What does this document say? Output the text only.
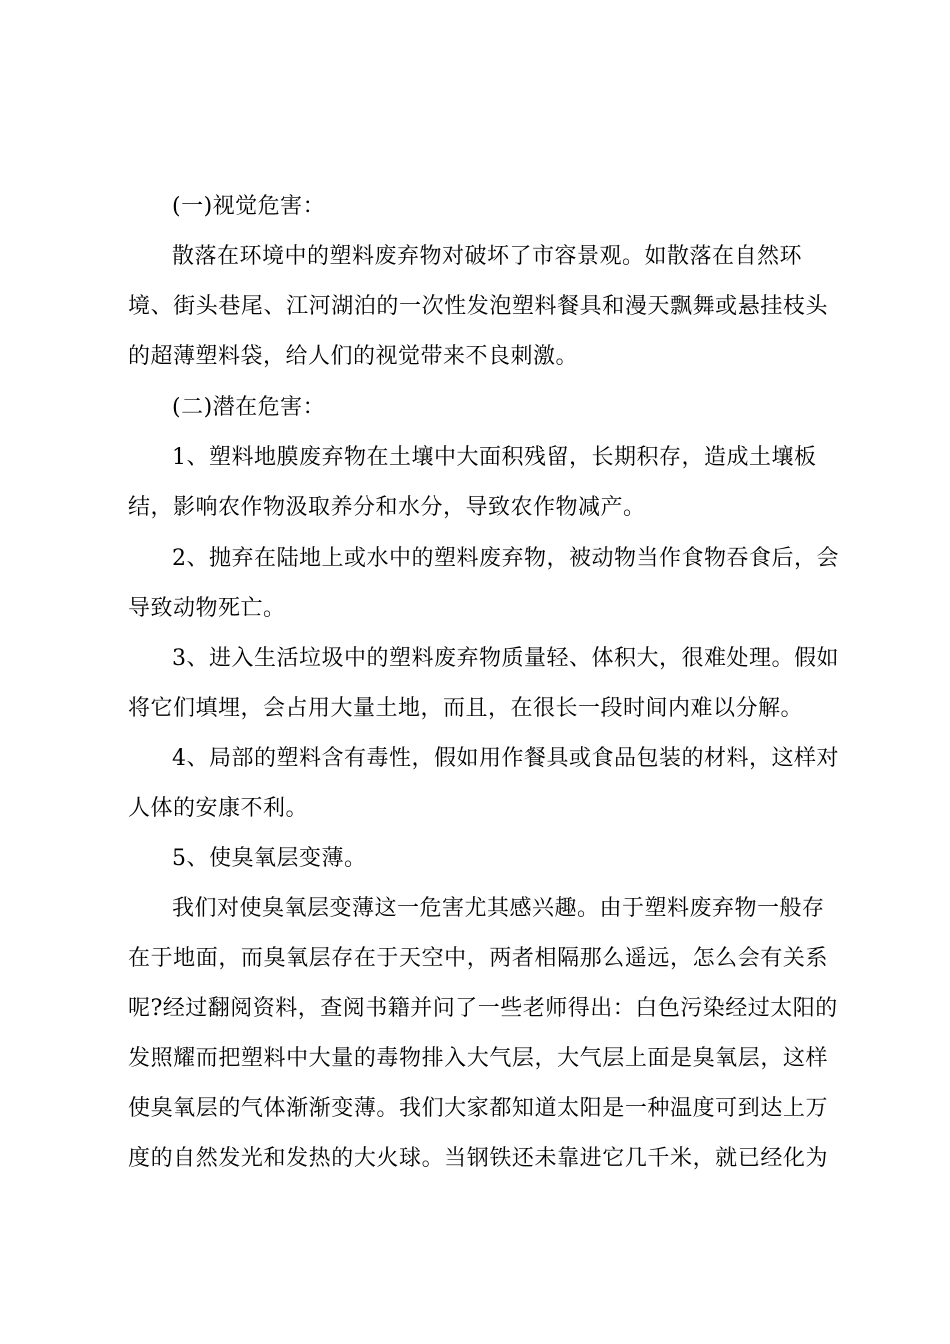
(一)视觉危害：
散落在环境中的塑料废弃物对破坏了市容景观。如散落在自然环
境、街头巷尾、江河湖泊的一次性发泡塑料餐具和漫天飘舞或悬挂枝头
的超薄塑料袋，给人们的视觉带来不良刺激。
(二)潜在危害：
1、塑料地膜废弃物在土壤中大面积残留，长期积存，造成土壤板
结，影响农作物汲取养分和水分，导致农作物减产。
2、抛弃在陆地上或水中的塑料废弃物，被动物当作食物吞食后，会
导致动物死亡。
3、进入生活垃圾中的塑料废弃物质量轻、体积大，很难处理。假如
将它们填埋，会占用大量土地，而且，在很长一段时间内难以分解。
4、局部的塑料含有毒性，假如用作餐具或食品包装的材料，这样对
人体的安康不利。
5、使臭氧层变薄。
我们对使臭氧层变薄这一危害尤其感兴趣。由于塑料废弃物一般存
在于地面，而臭氧层存在于天空中，两者相隔那么遥远，怎么会有关系
呢?经过翻阅资料，查阅书籍并问了一些老师得出：白色污染经过太阳的
发照耀而把塑料中大量的毒物排入大气层，大气层上面是臭氧层，这样
使臭氧层的气体渐渐变薄。我们大家都知道太阳是一种温度可到达上万
度的自然发光和发热的大火球。当钢铁还未靠进它几千米，就已经化为
